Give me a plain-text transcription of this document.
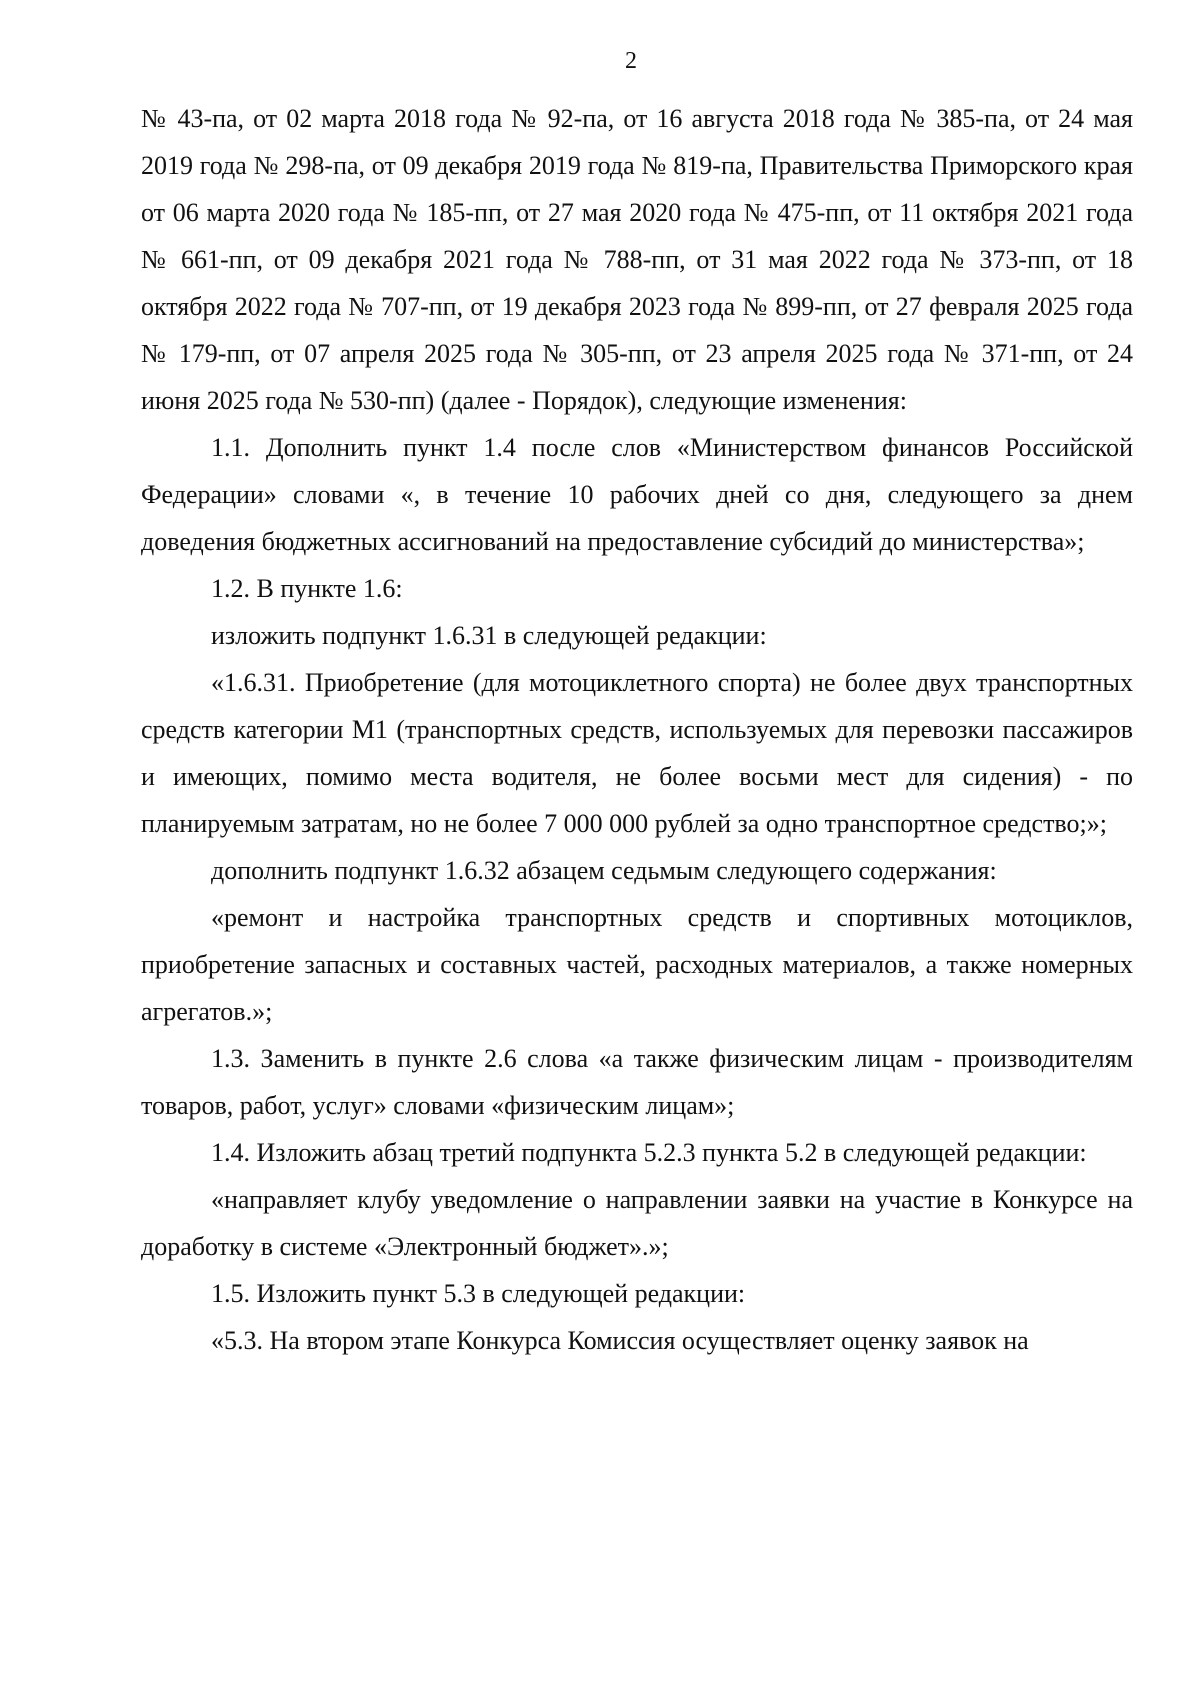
2

№ 43-па, от 02 марта 2018 года № 92-па, от 16 августа 2018 года № 385-па, от 24 мая 2019 года № 298-па, от 09 декабря 2019 года № 819-па, Правительства Приморского края от 06 марта 2020 года № 185-пп, от 27 мая 2020 года № 475-пп, от 11 октября 2021 года № 661-пп, от 09 декабря 2021 года № 788-пп, от 31 мая 2022 года № 373-пп, от 18 октября 2022 года № 707-пп, от 19 декабря 2023 года № 899-пп, от 27 февраля 2025 года № 179-пп, от 07 апреля 2025 года № 305-пп, от 23 апреля 2025 года № 371-пп, от 24 июня 2025 года № 530-пп) (далее - Порядок), следующие изменения:

1.1. Дополнить пункт 1.4 после слов «Министерством финансов Российской Федерации» словами «, в течение 10 рабочих дней со дня, следующего за днем доведения бюджетных ассигнований на предоставление субсидий до министерства»;

1.2. В пункте 1.6:

изложить подпункт 1.6.31 в следующей редакции:

«1.6.31. Приобретение (для мотоциклетного спорта) не более двух транспортных средств категории М1 (транспортных средств, используемых для перевозки пассажиров и имеющих, помимо места водителя, не более восьми мест для сидения) - по планируемым затратам, но не более 7 000 000 рублей за одно транспортное средство;»;

дополнить подпункт 1.6.32 абзацем седьмым следующего содержания:

«ремонт и настройка транспортных средств и спортивных мотоциклов, приобретение запасных и составных частей, расходных материалов, а также номерных агрегатов.»;

1.3. Заменить в пункте 2.6 слова «а также физическим лицам - производителям товаров, работ, услуг» словами «физическим лицам»;

1.4. Изложить абзац третий подпункта 5.2.3 пункта 5.2 в следующей редакции:

«направляет клубу уведомление о направлении заявки на участие в Конкурсе на доработку в системе «Электронный бюджет».»;

1.5. Изложить пункт 5.3 в следующей редакции:

«5.3. На втором этапе Конкурса Комиссия осуществляет оценку заявок на
